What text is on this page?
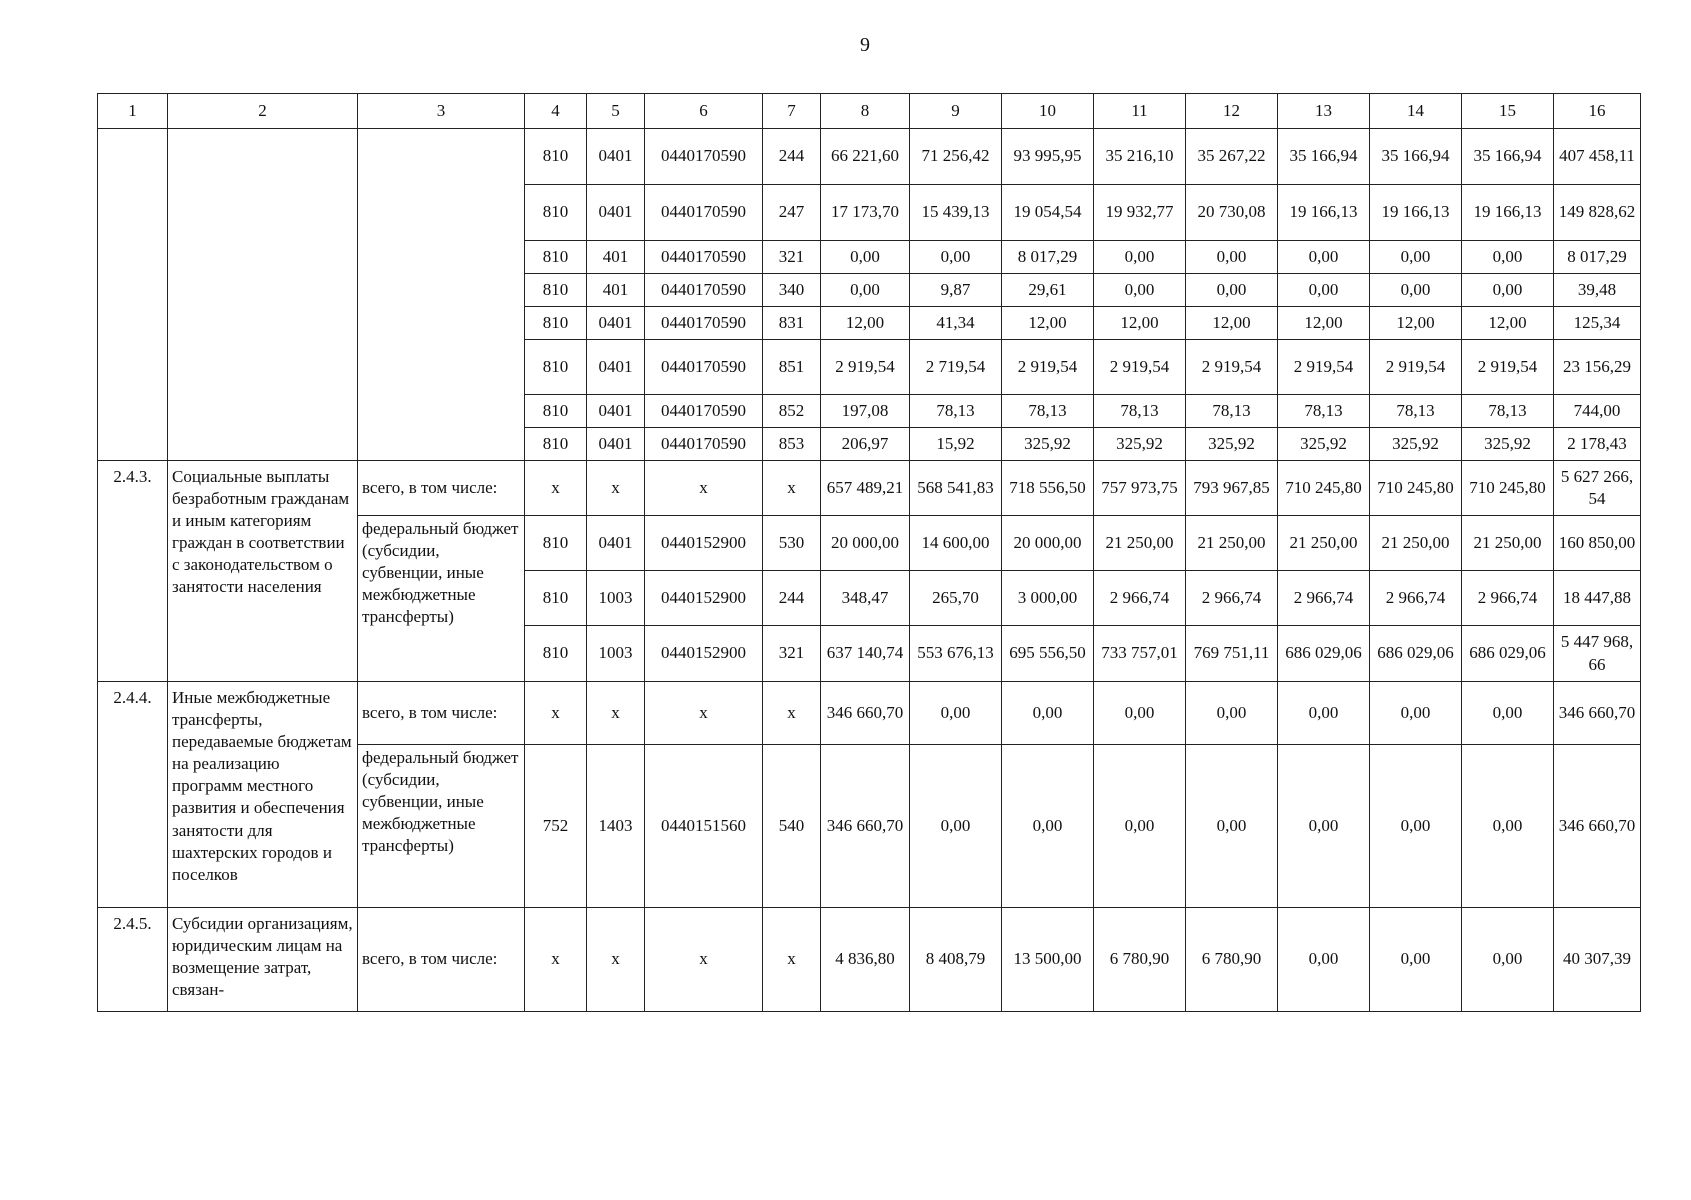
9
1	2	3	4	5	6	7	8	9	10	11	12	13	14	15	16
			810	0401	0440170590	244	66 221,60	71 256,42	93 995,95	35 216,10	35 267,22	35 166,94	35 166,94	35 166,94	407 458,11
			810	0401	0440170590	247	17 173,70	15 439,13	19 054,54	19 932,77	20 730,08	19 166,13	19 166,13	19 166,13	149 828,62
			810	401	0440170590	321	0,00	0,00	8 017,29	0,00	0,00	0,00	0,00	0,00	8 017,29
			810	401	0440170590	340	0,00	9,87	29,61	0,00	0,00	0,00	0,00	0,00	39,48
			810	0401	0440170590	831	12,00	41,34	12,00	12,00	12,00	12,00	12,00	12,00	125,34
			810	0401	0440170590	851	2 919,54	2 719,54	2 919,54	2 919,54	2 919,54	2 919,54	2 919,54	2 919,54	23 156,29
			810	0401	0440170590	852	197,08	78,13	78,13	78,13	78,13	78,13	78,13	78,13	744,00
			810	0401	0440170590	853	206,97	15,92	325,92	325,92	325,92	325,92	325,92	325,92	2 178,43
2.4.3.	Социальные выплаты безработным гражданам и иным категориям граждан в соответствии с законодательством о занятости населения	всего, в том числе:	x	x	x	x	657 489,21	568 541,83	718 556,50	757 973,75	793 967,85	710 245,80	710 245,80	710 245,80	5 627 266,54
		федеральный бюджет (субсидии, субвенции, иные межбюджетные трансферты)	810	0401	0440152900	530	20 000,00	14 600,00	20 000,00	21 250,00	21 250,00	21 250,00	21 250,00	21 250,00	160 850,00
			810	1003	0440152900	244	348,47	265,70	3 000,00	2 966,74	2 966,74	2 966,74	2 966,74	2 966,74	18 447,88
			810	1003	0440152900	321	637 140,74	553 676,13	695 556,50	733 757,01	769 751,11	686 029,06	686 029,06	686 029,06	5 447 968,66
2.4.4.	Иные межбюджетные трансферты, передаваемые бюджетам на реализацию программ местного развития и обеспечения занятости для шахтерских городов и поселков	всего, в том числе:	x	x	x	x	346 660,70	0,00	0,00	0,00	0,00	0,00	0,00	0,00	346 660,70
		федеральный бюджет (субсидии, субвенции, иные межбюджетные трансферты)	752	1403	0440151560	540	346 660,70	0,00	0,00	0,00	0,00	0,00	0,00	0,00	346 660,70
2.4.5.	Субсидии организациям, юридическим лицам на возмещение затрат, связан-	всего, в том числе:	x	x	x	x	4 836,80	8 408,79	13 500,00	6 780,90	6 780,90	0,00	0,00	0,00	40 307,39
